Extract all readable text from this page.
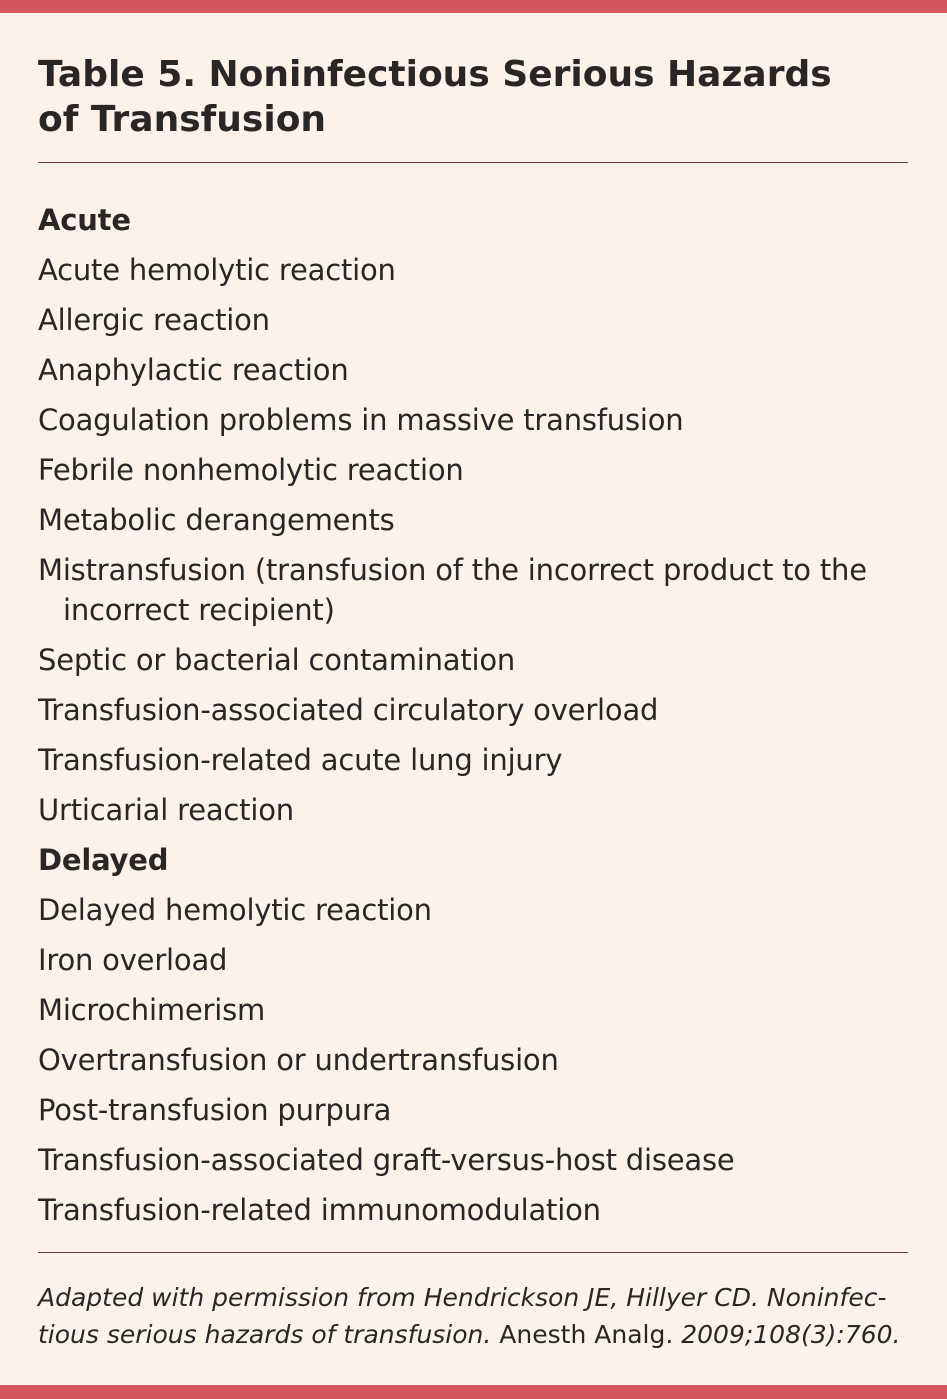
Table 5. Noninfectious Serious Hazards
of Transfusion
Acute
Acute hemolytic reaction
Allergic reaction
Anaphylactic reaction
Coagulation problems in massive transfusion
Febrile nonhemolytic reaction
Metabolic derangements
Mistransfusion (transfusion of the incorrect product to the incorrect recipient)
Septic or bacterial contamination
Transfusion-associated circulatory overload
Transfusion-related acute lung injury
Urticarial reaction
Delayed
Delayed hemolytic reaction
Iron overload
Microchimerism
Overtransfusion or undertransfusion
Post-transfusion purpura
Transfusion-associated graft-versus-host disease
Transfusion-related immunomodulation

Adapted with permission from Hendrickson JE, Hillyer CD. Noninfec-
tious serious hazards of transfusion. Anesth Analg. 2009;108(3):760.
